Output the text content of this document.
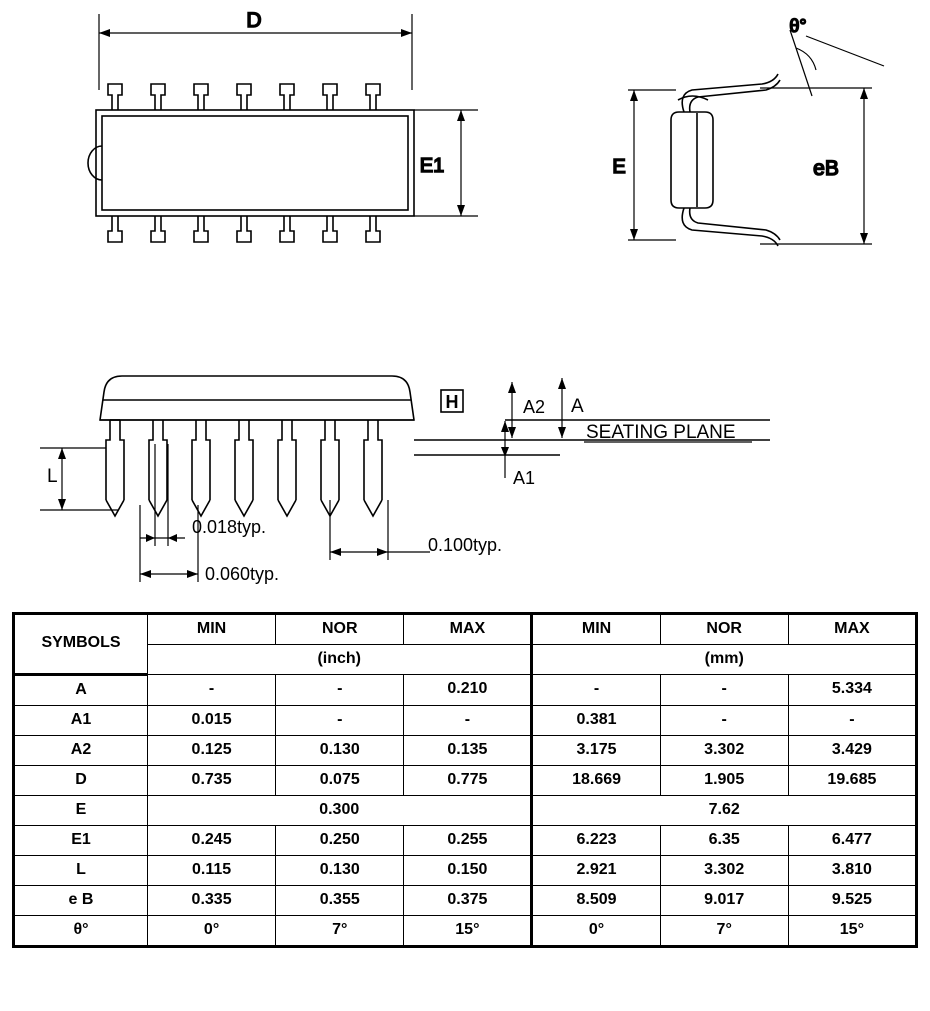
D
E1	E	eB
θ°
H	A2 A
A1
L
SEATING PLANE
0.018typ.
0.060typ.
0.100typ.
SYMBOLS	MIN	NOR	MAX	MIN	NOR	MAX
	(inch)			(mm)		
A	-	-	0.210	-	-	5.334
A1	0.015	-	-	0.381	-	-
A2	0.125	0.130	0.135	3.175	3.302	3.429
D	0.735	0.075	0.775	18.669	1.905	19.685
E	0.300			7.62		
E1	0.245	0.250	0.255	6.223	6.35	6.477
L	0.115	0.130	0.150	2.921	3.302	3.810
e B	0.335	0.355	0.375	8.509	9.017	9.525
θ°	0°	7°	15°	0°	7°	15°
